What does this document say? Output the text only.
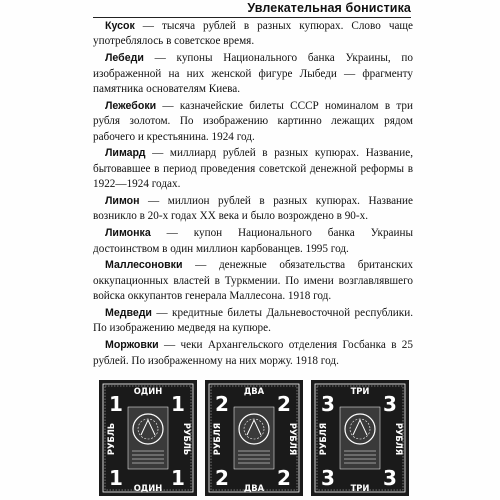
Увлекательная бонистика

Кусок — тысяча рублей в разных купюрах. Слово чаще употреблялось в советское время.

Лебеди — купоны Национального банка Украины, по изображенной на них женской фигуре Лыбеди — фрагменту памятника основателям Киева.

Лежебоки — казначейские билеты СССР номиналом в три рубля золотом. По изображению картинно лежащих рядом рабочего и крестьянина. 1924 год.

Лимард — миллиард рублей в разных купюрах. Название, бытовавшее в период проведения советской денежной реформы в 1922—1924 годах.

Лимон — миллион рублей в разных купюрах. Название возникло в 20-х годах XX века и было возрождено в 90-х.

Лимонка — купон Национального банка Украины достоинством в один миллион карбованцев. 1995 год.

Маллесоновки — денежные обязательства британских оккупационных властей в Туркмении. По имени возглавлявшего войска оккупантов генерала Маллесона. 1918 год.

Медведи — кредитные билеты Дальневосточной республики. По изображению медведя на купюре.

Моржовки — чеки Архангельского отделения Госбанка в 25 рублей. По изображенному на них моржу. 1918 год.

1 1
1 1
ОДИН
ОДИН
РУБЛЬ	РУБЛЬ
2 2
2 2
ДВА
ДВА
РУБЛЯ	РУБЛЯ
3 3
3 3
ТРИ
ТРИ
РУБЛЯ	РУБЛЯ
